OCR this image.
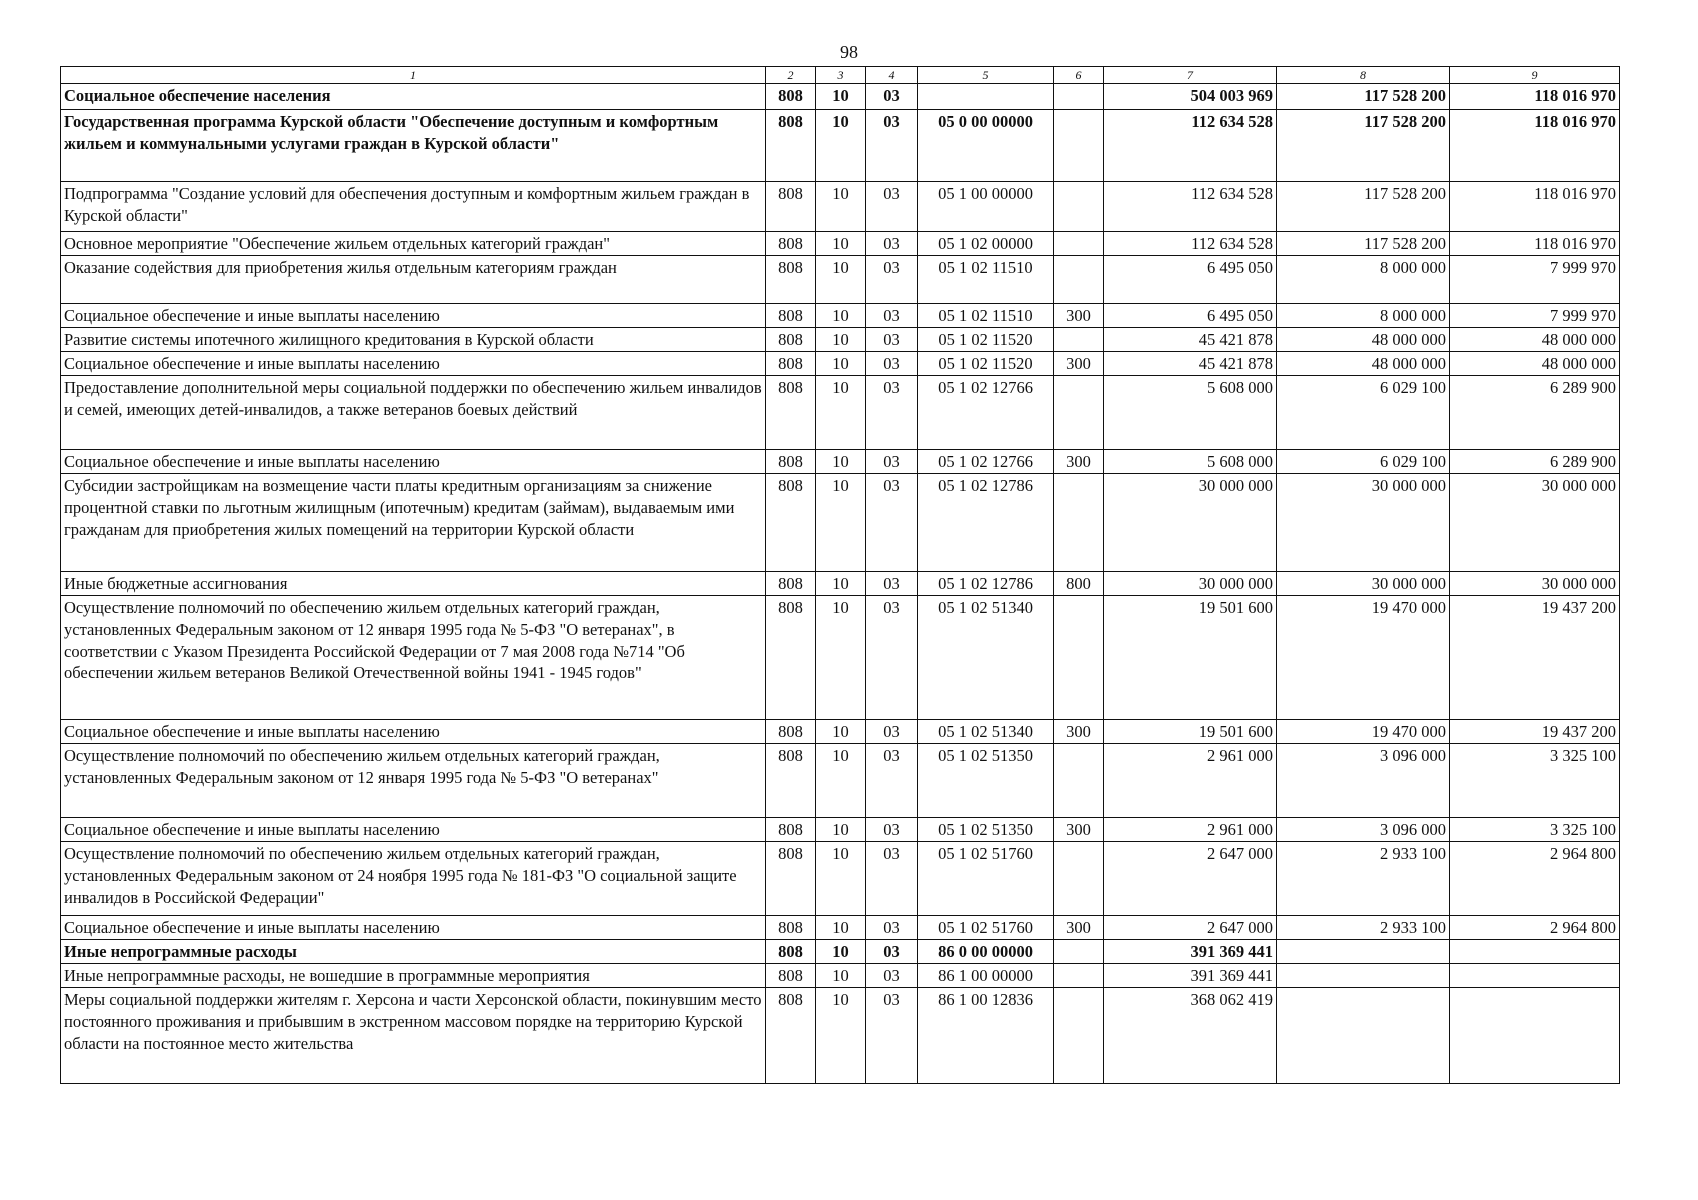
98
1	2	3	4	5	6	7	8	9
Социальное обеспечение населения	808	10	03			504 003 969	117 528 200	118 016 970
Государственная программа Курской области "Обеспечение доступным и комфортным жильем и коммунальными услугами граждан в Курской области"	808	10	03	05 0 00 00000		112 634 528	117 528 200	118 016 970
Подпрограмма "Создание условий для обеспечения доступным и комфортным жильем граждан в Курской области"	808	10	03	05 1 00 00000		112 634 528	117 528 200	118 016 970
Основное мероприятие "Обеспечение жильем отдельных категорий граждан"	808	10	03	05 1 02 00000		112 634 528	117 528 200	118 016 970
Оказание содействия для приобретения жилья отдельным категориям граждан	808	10	03	05 1 02 11510		6 495 050	8 000 000	7 999 970
Социальное обеспечение и иные выплаты населению	808	10	03	05 1 02 11510	300	6 495 050	8 000 000	7 999 970
Развитие системы ипотечного жилищного кредитования в Курской области	808	10	03	05 1 02 11520		45 421 878	48 000 000	48 000 000
Социальное обеспечение и иные выплаты населению	808	10	03	05 1 02 11520	300	45 421 878	48 000 000	48 000 000
Предоставление дополнительной меры социальной поддержки по обеспечению жильем инвалидов и семей, имеющих детей-инвалидов, а также ветеранов боевых действий	808	10	03	05 1 02 12766		5 608 000	6 029 100	6 289 900
Социальное обеспечение и иные выплаты населению	808	10	03	05 1 02 12766	300	5 608 000	6 029 100	6 289 900
Субсидии застройщикам на возмещение части платы кредитным организациям за снижение процентной ставки по льготным жилищным (ипотечным) кредитам (займам), выдаваемым ими гражданам для приобретения жилых помещений на территории Курской области	808	10	03	05 1 02 12786		30 000 000	30 000 000	30 000 000
Иные бюджетные ассигнования	808	10	03	05 1 02 12786	800	30 000 000	30 000 000	30 000 000
Осуществление полномочий по обеспечению жильем отдельных категорий граждан, установленных Федеральным законом от 12 января 1995 года № 5-ФЗ "О ветеранах", в соответствии с Указом Президента Российской Федерации от 7 мая 2008 года №714 "Об обеспечении жильем ветеранов Великой Отечественной войны 1941 - 1945 годов"	808	10	03	05 1 02 51340		19 501 600	19 470 000	19 437 200
Социальное обеспечение и иные выплаты населению	808	10	03	05 1 02 51340	300	19 501 600	19 470 000	19 437 200
Осуществление полномочий по обеспечению жильем отдельных категорий граждан, установленных Федеральным законом от 12 января 1995 года № 5-ФЗ "О ветеранах"	808	10	03	05 1 02 51350		2 961 000	3 096 000	3 325 100
Социальное обеспечение и иные выплаты населению	808	10	03	05 1 02 51350	300	2 961 000	3 096 000	3 325 100
Осуществление полномочий по обеспечению жильем отдельных категорий граждан, установленных Федеральным законом от 24 ноября 1995 года № 181-ФЗ "О социальной защите инвалидов в Российской Федерации"	808	10	03	05 1 02 51760		2 647 000	2 933 100	2 964 800
Социальное обеспечение и иные выплаты населению	808	10	03	05 1 02 51760	300	2 647 000	2 933 100	2 964 800
Иные непрограммные расходы	808	10	03	86 0 00 00000		391 369 441		
Иные непрограммные расходы, не вошедшие в программные мероприятия	808	10	03	86 1 00 00000		391 369 441		
Меры социальной поддержки жителям г. Херсона и части Херсонской области, покинувшим место постоянного проживания и прибывшим в экстренном массовом порядке на территорию Курской области на постоянное место жительства	808	10	03	86 1 00 12836		368 062 419		
